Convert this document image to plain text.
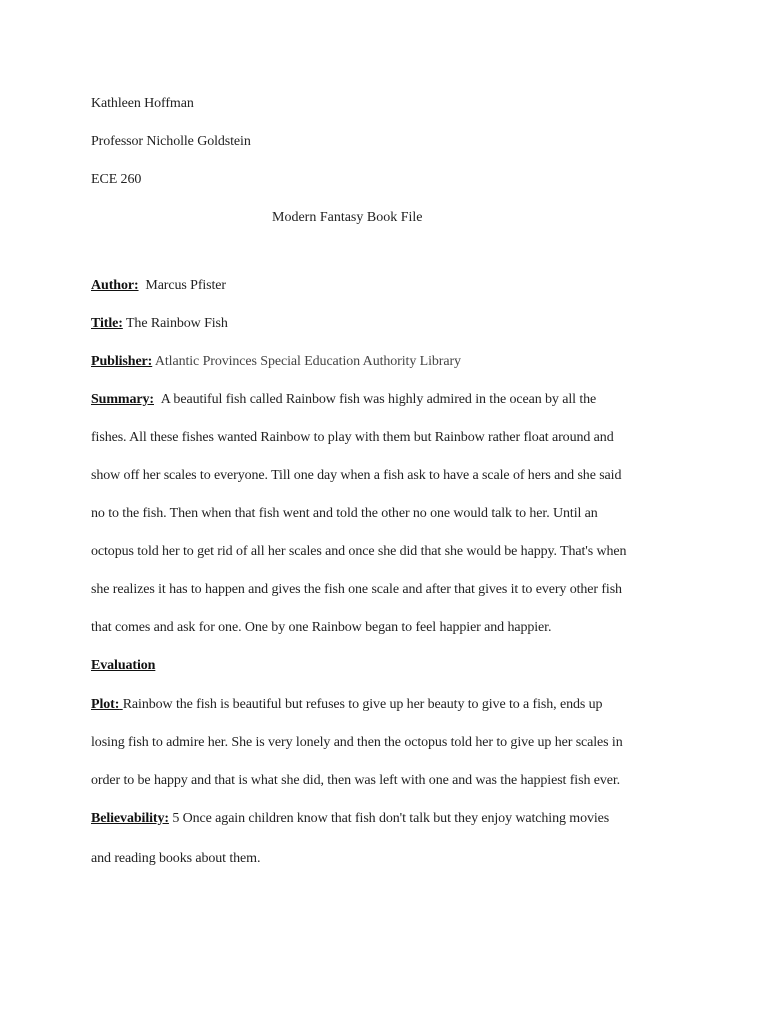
Kathleen Hoffman
Professor Nicholle Goldstein
ECE 260
Modern Fantasy Book File
Author: Marcus Pfister
Title: The Rainbow Fish
Publisher: Atlantic Provinces Special Education Authority Library
Summary: A beautiful fish called Rainbow fish was highly admired in the ocean by all the
fishes. All these fishes wanted Rainbow to play with them but Rainbow rather float around and
show off her scales to everyone. Till one day when a fish ask to have a scale of hers and she said
no to the fish. Then when that fish went and told the other no one would talk to her. Until an
octopus told her to get rid of all her scales and once she did that she would be happy. That's when
she realizes it has to happen and gives the fish one scale and after that gives it to every other fish
that comes and ask for one. One by one Rainbow began to feel happier and happier.
Evaluation
Plot: Rainbow the fish is beautiful but refuses to give up her beauty to give to a fish, ends up
losing fish to admire her. She is very lonely and then the octopus told her to give up her scales in
order to be happy and that is what she did, then was left with one and was the happiest fish ever.
Believability: 5 Once again children know that fish don't talk but they enjoy watching movies
and reading books about them.
